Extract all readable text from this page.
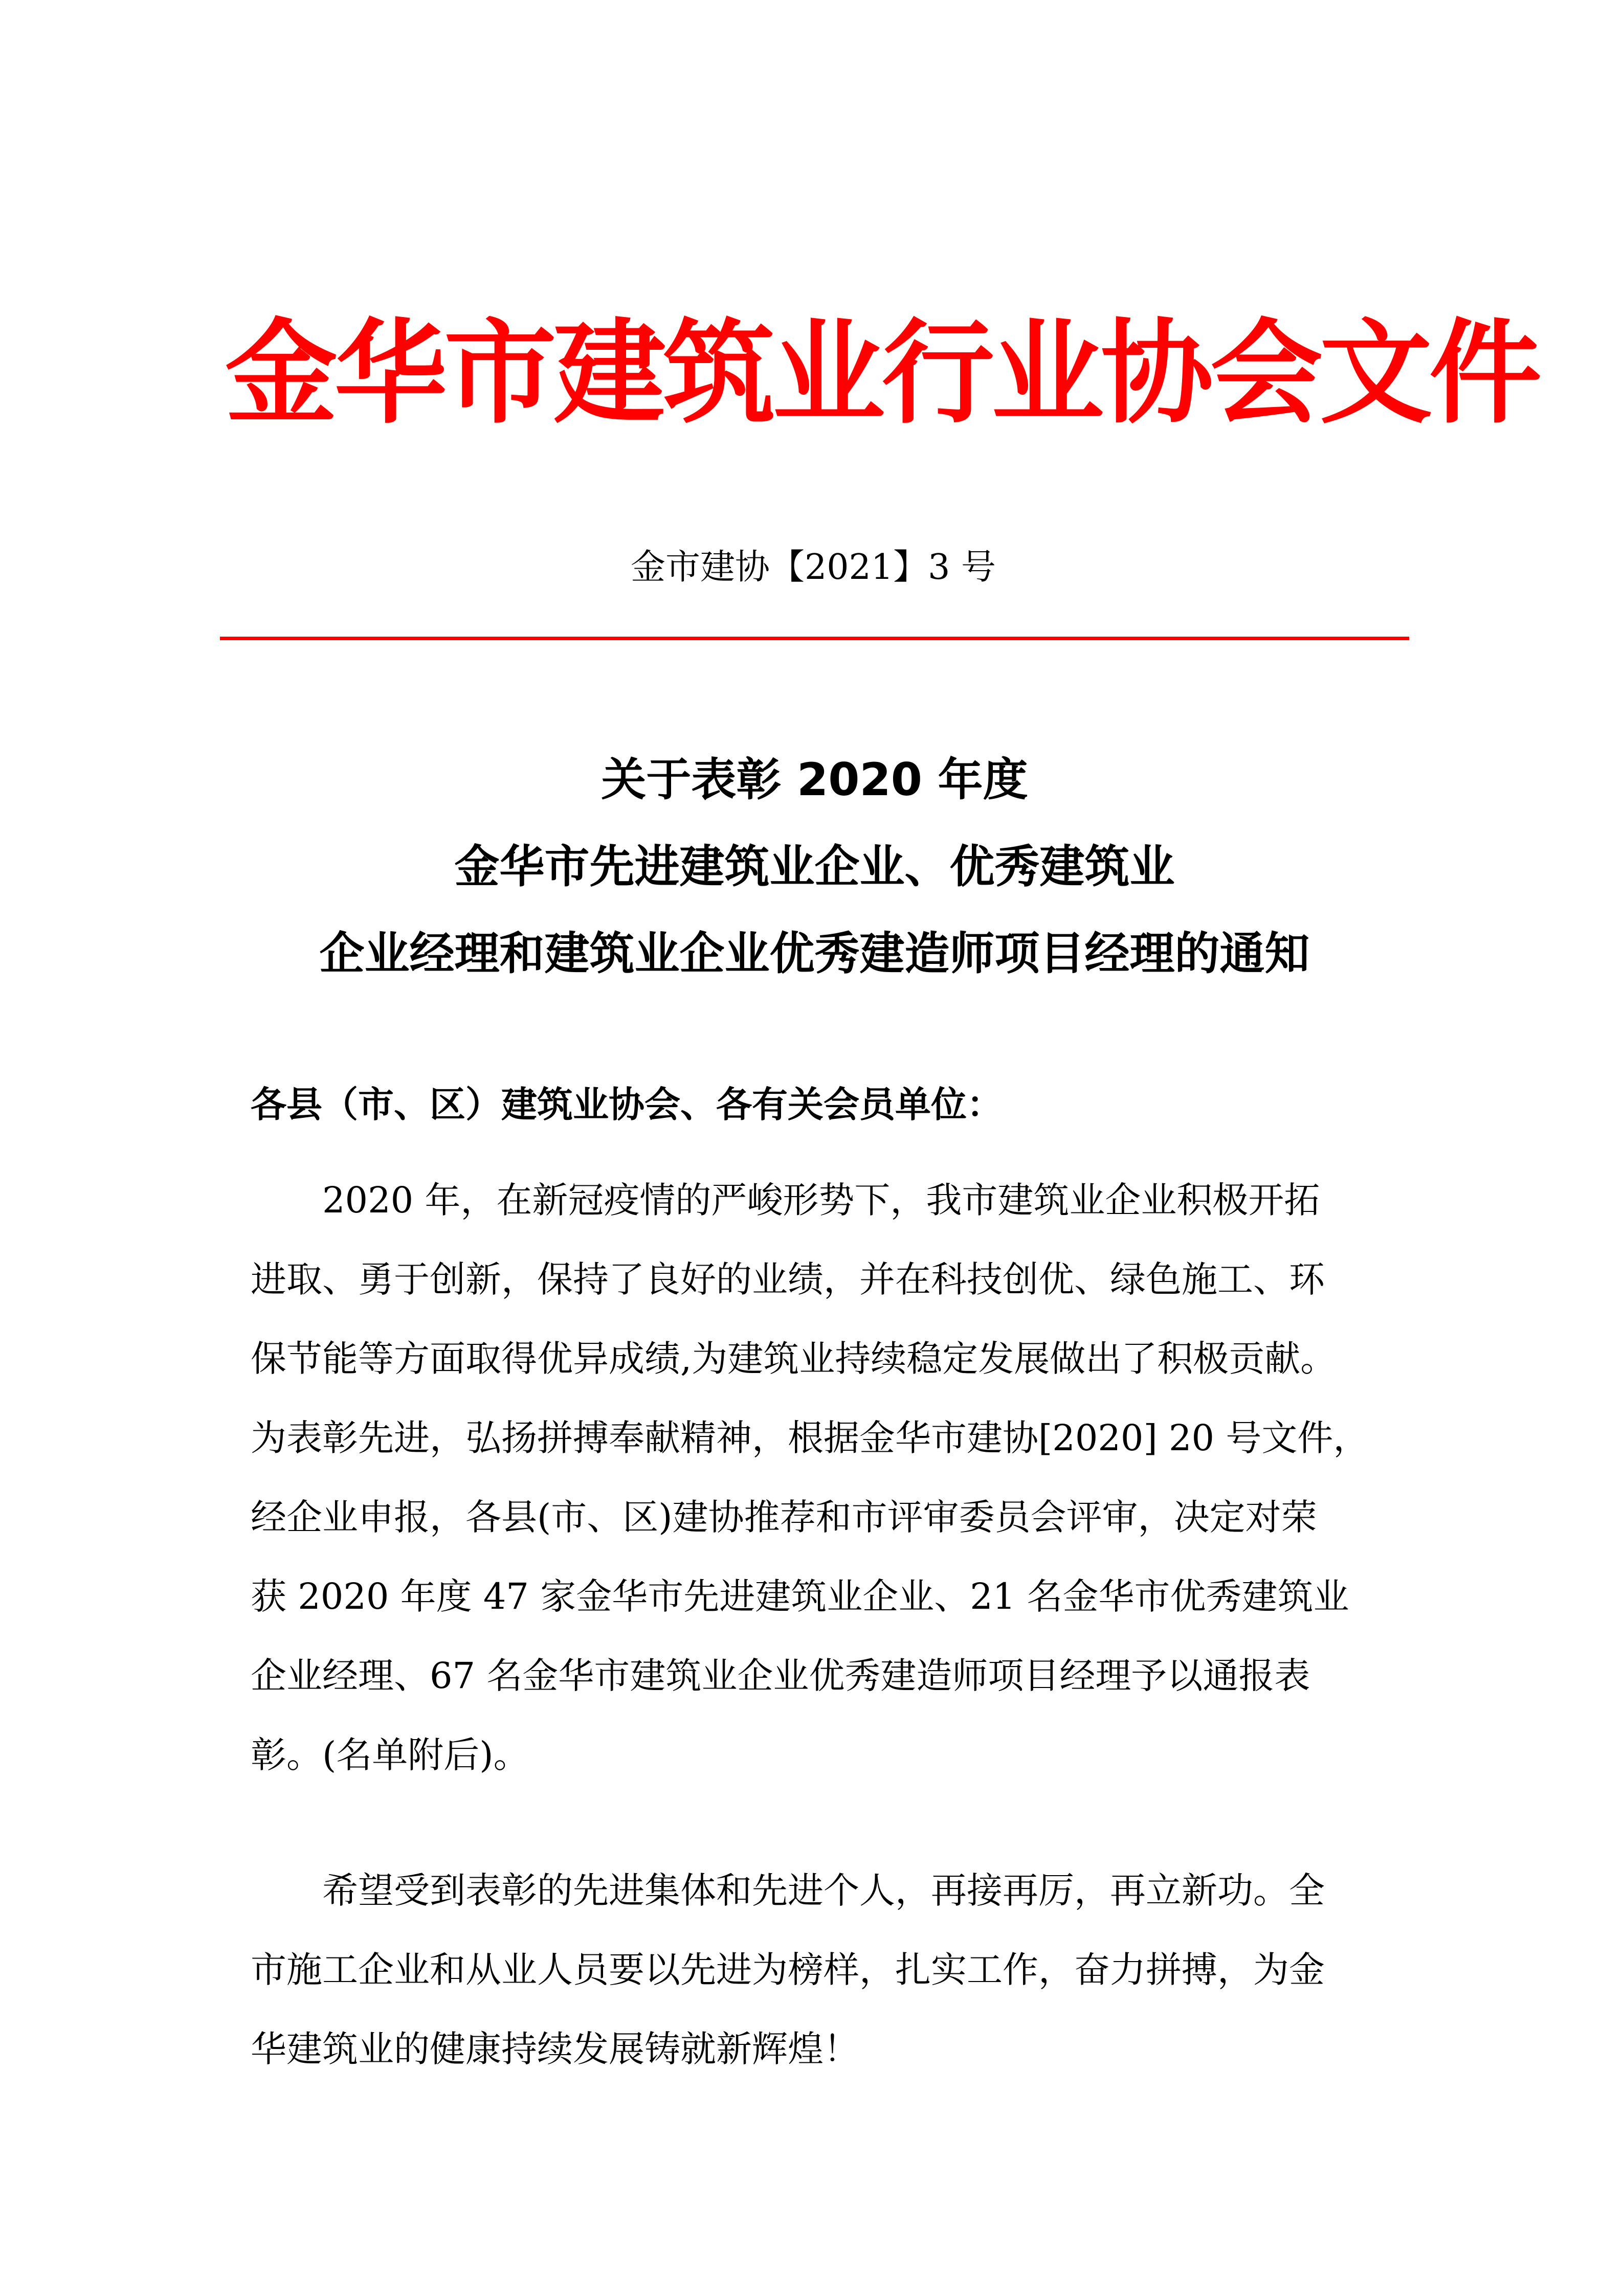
金华市建筑业行业协会文件
金市建协【2021】3 号
关于表彰 2020 年度
金华市先进建筑业企业、优秀建筑业
企业经理和建筑业企业优秀建造师项目经理的通知
各县（市、区）建筑业协会、各有关会员单位：
2020 年，在新冠疫情的严峻形势下，我市建筑业企业积极开拓
进取、勇于创新，保持了良好的业绩，并在科技创优、绿色施工、环
保节能等方面取得优异成绩,为建筑业持续稳定发展做出了积极贡献。
为表彰先进，弘扬拼搏奉献精神，根据金华市建协[2020] 20 号文件，
经企业申报，各县(市、区)建协推荐和市评审委员会评审，决定对荣
获 2020 年度 47 家金华市先进建筑业企业、21 名金华市优秀建筑业
企业经理、67 名金华市建筑业企业优秀建造师项目经理予以通报表
彰。(名单附后)。
希望受到表彰的先进集体和先进个人，再接再厉，再立新功。全
市施工企业和从业人员要以先进为榜样，扎实工作，奋力拼搏，为金
华建筑业的健康持续发展铸就新辉煌！
